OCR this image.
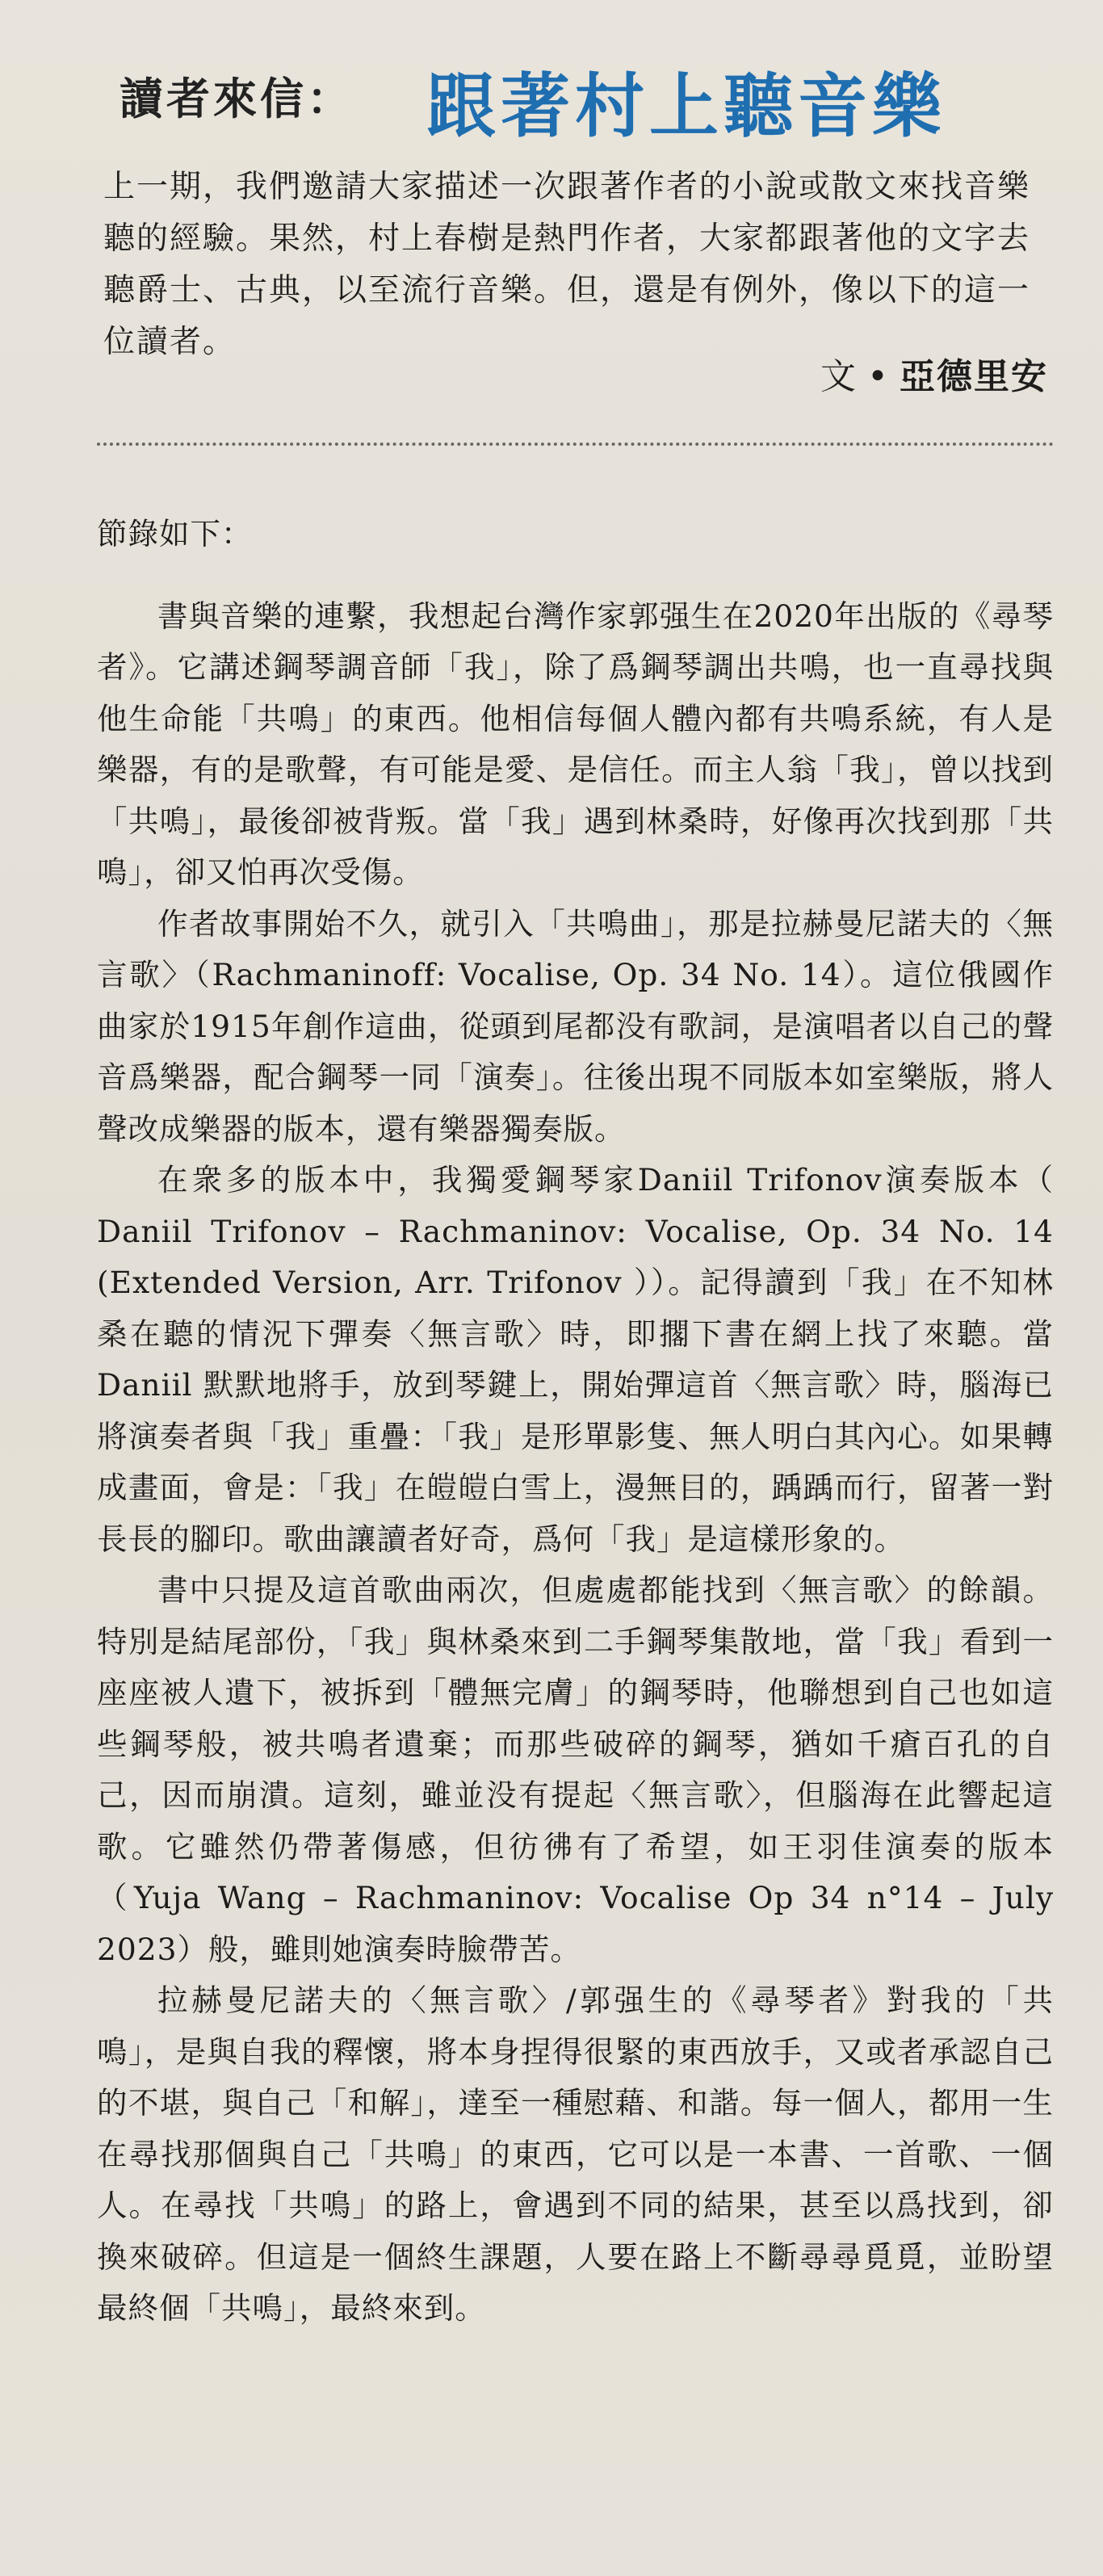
讀者來信： 跟著村上聽音樂

上一期，我們邀請大家描述一次跟著作者的小說或散文來找音樂聽的經驗。果然，村上春樹是熱門作者，大家都跟著他的文字去聽爵士、古典，以至流行音樂。但，還是有例外，像以下的這一位讀者。

文 • 亞德里安

節錄如下：

書與音樂的連繫，我想起台灣作家郭强生在2020年出版的《尋琴者》。它講述鋼琴調音師「我」，除了爲鋼琴調出共鳴，也一直尋找與他生命能「共鳴」的東西。他相信每個人體內都有共鳴系統，有人是樂器，有的是歌聲，有可能是愛、是信任。而主人翁「我」，曾以找到「共鳴」，最後卻被背叛。當「我」遇到林桑時，好像再次找到那「共鳴」，卻又怕再次受傷。

作者故事開始不久，就引入「共鳴曲」，那是拉赫曼尼諾夫的〈無言歌〉（Rachmaninoff: Vocalise, Op. 34 No. 14）。這位俄國作曲家於1915年創作這曲，從頭到尾都没有歌詞，是演唱者以自己的聲音爲樂器，配合鋼琴一同「演奏」。往後出現不同版本如室樂版，將人聲改成樂器的版本，還有樂器獨奏版。

在衆多的版本中，我獨愛鋼琴家Daniil Trifonov演奏版本（ Daniil Trifonov – Rachmaninov: Vocalise, Op. 34 No. 14 (Extended Version, Arr. Trifonov ））。記得讀到「我」在不知林桑在聽的情況下彈奏〈無言歌〉時，即擱下書在網上找了來聽。當Daniil 默默地將手，放到琴鍵上，開始彈這首〈無言歌〉時，腦海已將演奏者與「我」重疊：「我」是形單影隻、無人明白其內心。如果轉成畫面，會是：「我」在皚皚白雪上，漫無目的，踽踽而行，留著一對長長的腳印。歌曲讓讀者好奇，爲何「我」是這樣形象的。

書中只提及這首歌曲兩次，但處處都能找到〈無言歌〉的餘韻。特別是結尾部份，「我」與林桑來到二手鋼琴集散地，當「我」看到一座座被人遺下，被拆到「體無完膚」的鋼琴時，他聯想到自己也如這些鋼琴般，被共鳴者遺棄；而那些破碎的鋼琴，猶如千瘡百孔的自己，因而崩潰。這刻，雖並没有提起〈無言歌〉，但腦海在此響起這歌。它雖然仍帶著傷感，但彷彿有了希望，如王羽佳演奏的版本（Yuja Wang – Rachmaninov: Vocalise Op 34 n°14 – July 2023）般，雖則她演奏時臉帶苦。

拉赫曼尼諾夫的〈無言歌〉/郭强生的《尋琴者》對我的「共鳴」，是與自我的釋懷，將本身捏得很緊的東西放手，又或者承認自己的不堪，與自己「和解」，達至一種慰藉、和諧。每一個人，都用一生在尋找那個與自己「共鳴」的東西，它可以是一本書、一首歌、一個人。在尋找「共鳴」的路上，會遇到不同的結果，甚至以爲找到，卻換來破碎。但這是一個終生課題，人要在路上不斷尋尋覓覓，並盼望最終個「共鳴」，最終來到。
